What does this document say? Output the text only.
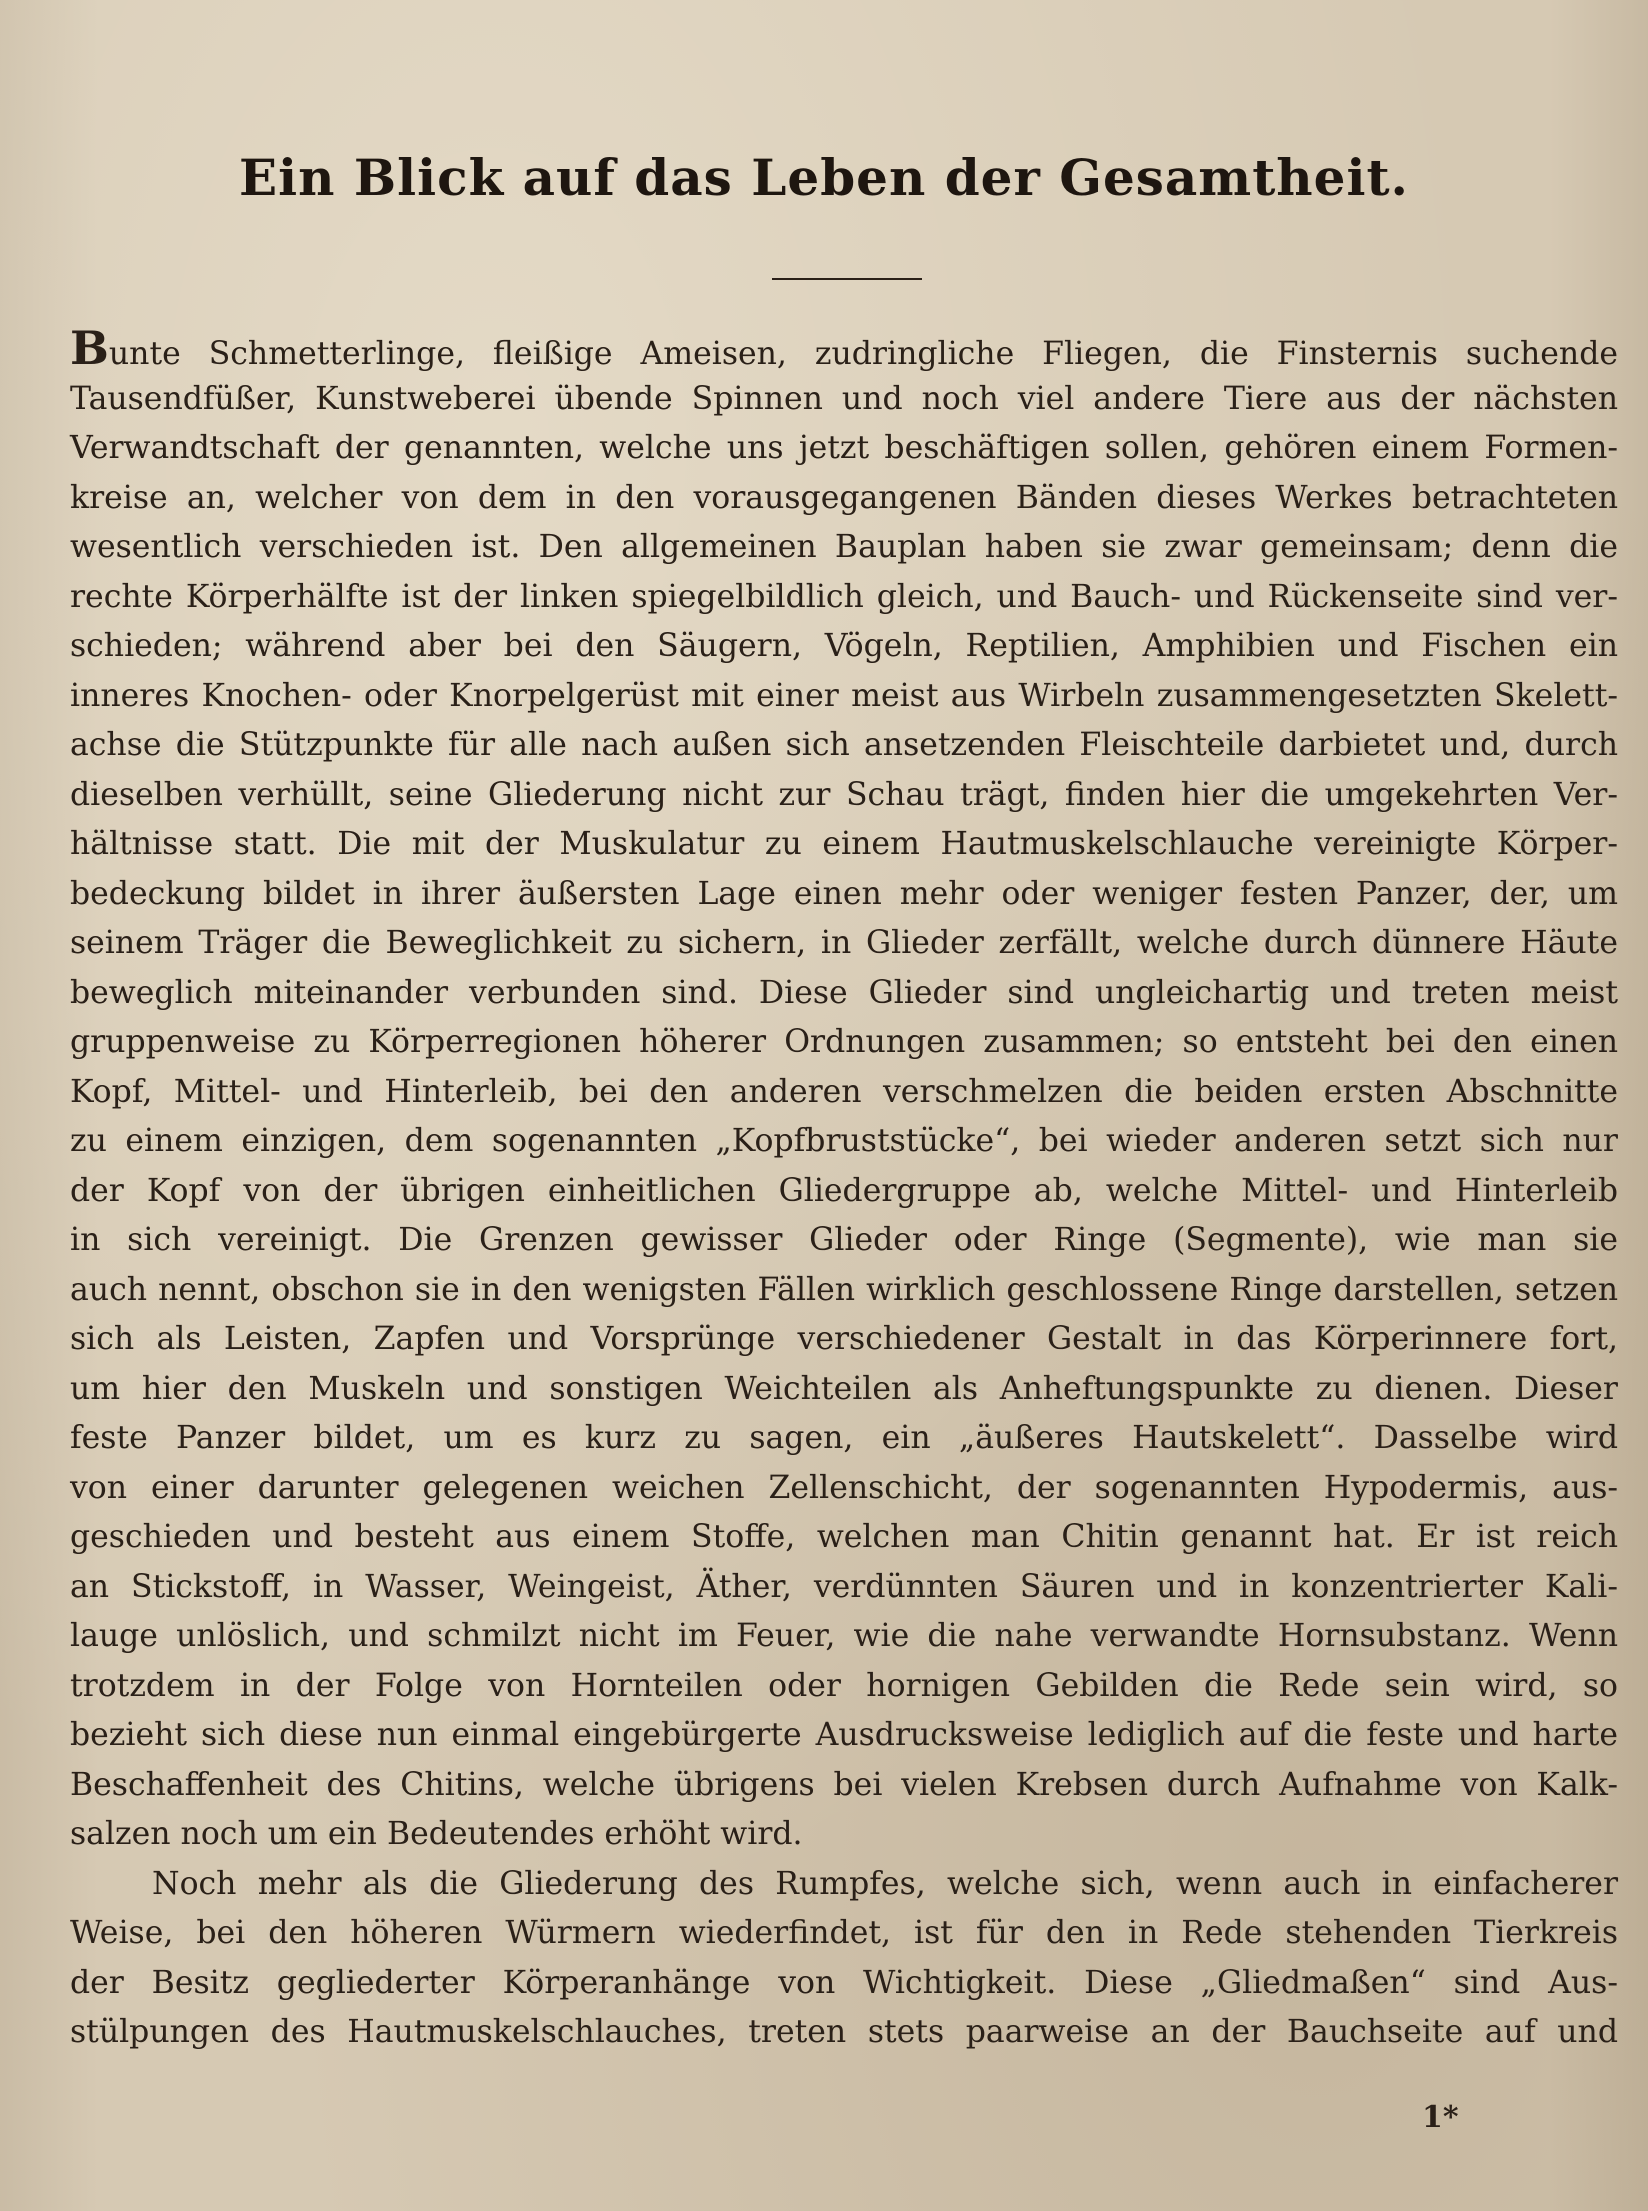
Ein Blick auf das Leben der Gesamtheit.
Bunte Schmetterlinge, fleißige Ameisen, zudringliche Fliegen, die Finsternis suchende
Tausendfüßer, Kunstweberei übende Spinnen und noch viel andere Tiere aus der nächsten
Verwandtschaft der genannten, welche uns jetzt beschäftigen sollen, gehören einem Formen-
kreise an, welcher von dem in den vorausgegangenen Bänden dieses Werkes betrachteten
wesentlich verschieden ist. Den allgemeinen Bauplan haben sie zwar gemeinsam; denn die
rechte Körperhälfte ist der linken spiegelbildlich gleich, und Bauch- und Rückenseite sind ver-
schieden; während aber bei den Säugern, Vögeln, Reptilien, Amphibien und Fischen ein
inneres Knochen- oder Knorpelgerüst mit einer meist aus Wirbeln zusammengesetzten Skelett-
achse die Stützpunkte für alle nach außen sich ansetzenden Fleischteile darbietet und, durch
dieselben verhüllt, seine Gliederung nicht zur Schau trägt, finden hier die umgekehrten Ver-
hältnisse statt. Die mit der Muskulatur zu einem Hautmuskelschlauche vereinigte Körper-
bedeckung bildet in ihrer äußersten Lage einen mehr oder weniger festen Panzer, der, um
seinem Träger die Beweglichkeit zu sichern, in Glieder zerfällt, welche durch dünnere Häute
beweglich miteinander verbunden sind. Diese Glieder sind ungleichartig und treten meist
gruppenweise zu Körperregionen höherer Ordnungen zusammen; so entsteht bei den einen
Kopf, Mittel- und Hinterleib, bei den anderen verschmelzen die beiden ersten Abschnitte
zu einem einzigen, dem sogenannten „Kopfbruststücke“, bei wieder anderen setzt sich nur
der Kopf von der übrigen einheitlichen Gliedergruppe ab, welche Mittel- und Hinterleib
in sich vereinigt. Die Grenzen gewisser Glieder oder Ringe (Segmente), wie man sie
auch nennt, obschon sie in den wenigsten Fällen wirklich geschlossene Ringe darstellen, setzen
sich als Leisten, Zapfen und Vorsprünge verschiedener Gestalt in das Körperinnere fort,
um hier den Muskeln und sonstigen Weichteilen als Anheftungspunkte zu dienen. Dieser
feste Panzer bildet, um es kurz zu sagen, ein „äußeres Hautskelett“. Dasselbe wird
von einer darunter gelegenen weichen Zellenschicht, der sogenannten Hypodermis, aus-
geschieden und besteht aus einem Stoffe, welchen man Chitin genannt hat. Er ist reich
an Stickstoff, in Wasser, Weingeist, Äther, verdünnten Säuren und in konzentrierter Kali-
lauge unlöslich, und schmilzt nicht im Feuer, wie die nahe verwandte Hornsubstanz. Wenn
trotzdem in der Folge von Hornteilen oder hornigen Gebilden die Rede sein wird, so
bezieht sich diese nun einmal eingebürgerte Ausdrucksweise lediglich auf die feste und harte
Beschaffenheit des Chitins, welche übrigens bei vielen Krebsen durch Aufnahme von Kalk-
salzen noch um ein Bedeutendes erhöht wird.
Noch mehr als die Gliederung des Rumpfes, welche sich, wenn auch in einfacherer
Weise, bei den höheren Würmern wiederfindet, ist für den in Rede stehenden Tierkreis
der Besitz gegliederter Körperanhänge von Wichtigkeit. Diese „Gliedmaßen“ sind Aus-
stülpungen des Hautmuskelschlauches, treten stets paarweise an der Bauchseite auf und
1*
